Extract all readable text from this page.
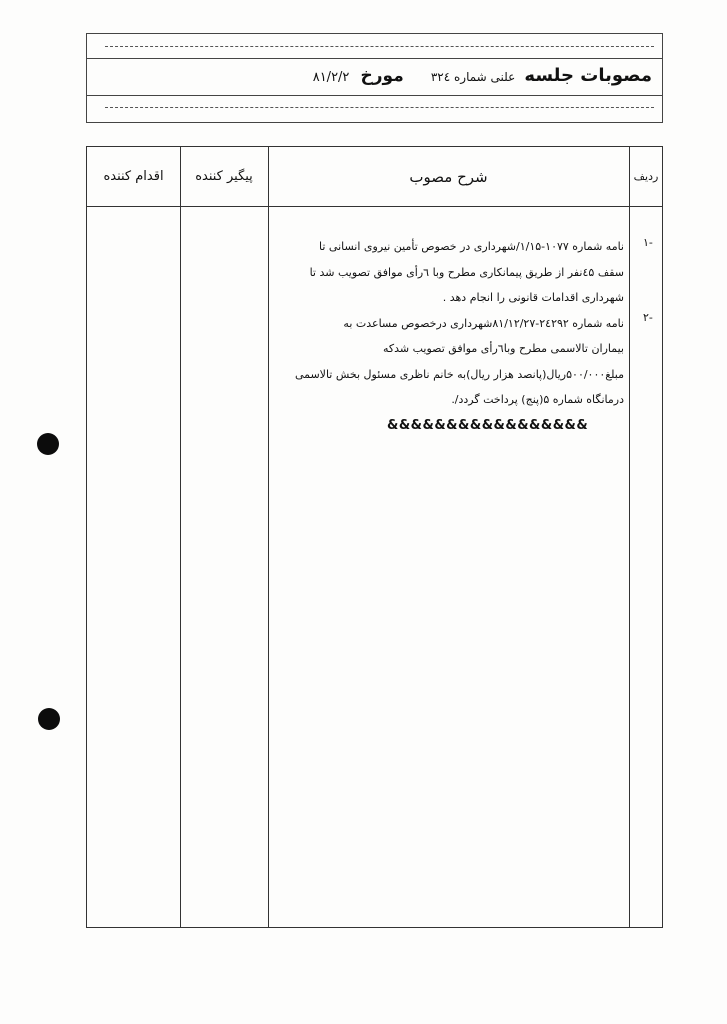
مصوبات جلسه علنی شماره ۳۲٤ مورخ ۸۱/۲/۲
ردیف
شرح مصوب
پیگیر کننده
اقدام کننده
-۱
-۲

نامه شماره ۱۰۷۷-۱/۱۵/شهرداری در خصوص تأمین نیروی انسانی تا

سقف ٤۵نفر از طریق پیمانکاری مطرح وبا ٦رأی موافق تصویب شد تا

شهرداری اقدامات قانونی را انجام دهد .

نامه شماره ۲٤۲۹۲-۸۱/۱۲/۲۷شهرداری درخصوص مساعدت به

بیماران تالاسمی مطرح وبا٦رأی موافق تصویب شدکه

مبلغ۵۰۰/۰۰۰ریال(پانصد هزار ریال)به خانم ناظری مسئول بخش تالاسمی

درمانگاه شماره ۵(پنج) پرداخت گردد/.

&&&&&&&&&&&&&&&&&
